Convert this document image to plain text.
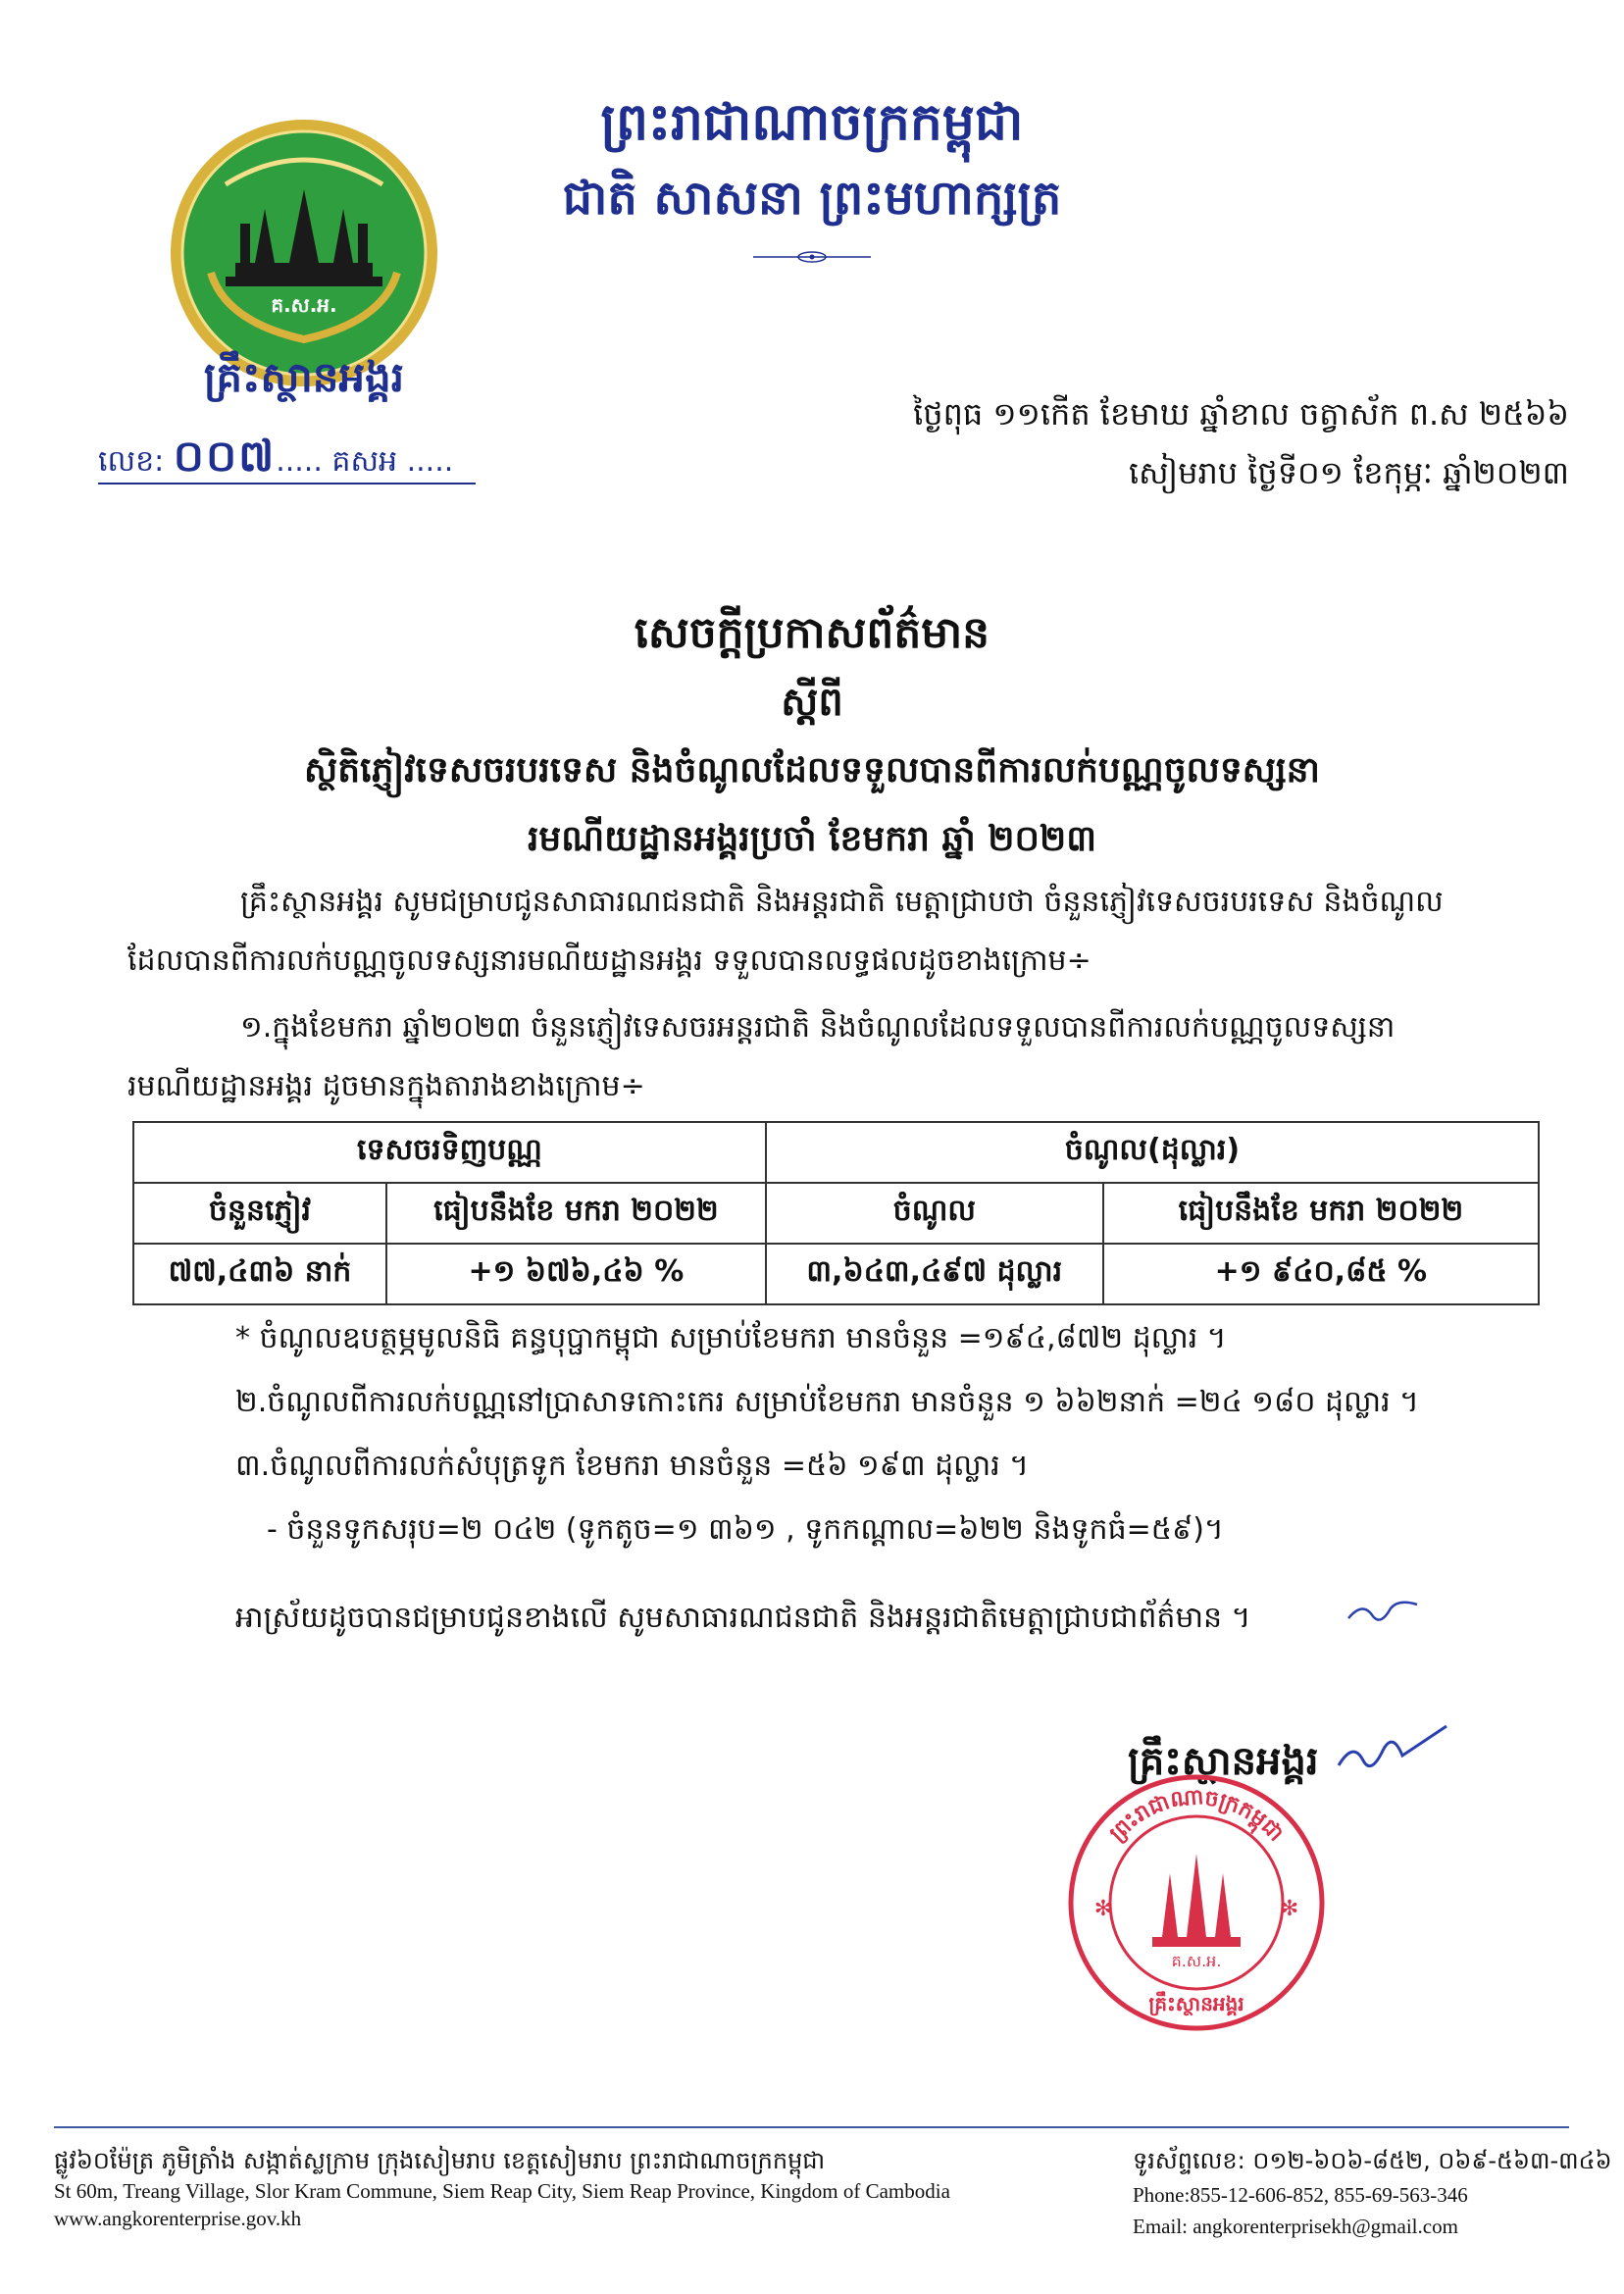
ព្រះរាជាណាចក្រកម្ពុជា
ជាតិ សាសនា ព្រះមហាក្សត្រ
គ.ស.អ.
គ្រឹះស្ថានអង្គរ
លេខ: ០០៧..... គសអ .....
ថ្ងៃពុធ ១១កើត ខែមាឃ ឆ្នាំខាល ចត្វាស័ក ព.ស ២៥៦៦
សៀមរាប ថ្ងៃទី០១ ខែកុម្ភៈ ឆ្នាំ២០២៣
សេចក្តីប្រកាសព័ត៌មាន
ស្តីពី
ស្ថិតិភ្ញៀវទេសចរបរទេស និងចំណូលដែលទទួលបានពីការលក់បណ្ណចូលទស្សនា
រមណីយដ្ឋានអង្គរប្រចាំ ខែមករា ឆ្នាំ ២០២៣
គ្រឹះស្ថានអង្គរ សូមជម្រាបជូនសាធារណជនជាតិ និងអន្តរជាតិ មេត្តាជ្រាបថា ចំនួនភ្ញៀវទេសចរបរទេស និងចំណូល
ដែលបានពីការលក់បណ្ណចូលទស្សនារមណីយដ្ឋានអង្គរ ទទួលបានលទ្ធផលដូចខាងក្រោម÷
១.ក្នុងខែមករា ឆ្នាំ២០២៣ ចំនួនភ្ញៀវទេសចរអន្តរជាតិ និងចំណូលដែលទទួលបានពីការលក់បណ្ណចូលទស្សនា
រមណីយដ្ឋានអង្គរ ដូចមានក្នុងតារាងខាងក្រោម÷
ទេសចរទិញបណ្ណ		ចំណូល(ដុល្លារ)	
ចំនួនភ្ញៀវ	ធៀបនឹងខែ មករា ២០២២	ចំណូល	ធៀបនឹងខែ មករា ២០២២
៧៧,៤៣៦ នាក់	+១ ៦៧៦,៤៦ %	៣,៦៤៣,៤៩៧ ដុល្លារ	+១ ៩៤០,៨៥ %
* ចំណូលឧបត្ថម្ភមូលនិធិ គន្ធបុប្ផាកម្ពុជា សម្រាប់ខែមករា មានចំនួន =១៩៤,៨៧២ ដុល្លារ ។
២.ចំណូលពីការលក់បណ្ណនៅប្រាសាទកោះកេរ សម្រាប់ខែមករា មានចំនួន ១ ៦៦២នាក់ =២៤ ១៨០ ដុល្លារ ។
៣.ចំណូលពីការលក់សំបុត្រទូក ខែមករា មានចំនួន =៥៦ ១៩៣ ដុល្លារ ។
- ចំនួនទូកសរុប=២ ០៤២ (ទូកតូច=១ ៣៦១ , ទូកកណ្តាល=៦២២ និងទូកធំ=៥៩)។
អាស្រ័យដូចបានជម្រាបជូនខាងលើ សូមសាធារណជនជាតិ និងអន្តរជាតិមេត្តាជ្រាបជាព័ត៌មាន ។
គ្រឹះស្ថានអង្គរ
ព្រះរាជាណាចក្រកម្ពុជា
គ.ស.អ.
គ្រឹះស្ថានអង្គរ
✻	✻
ផ្លូវ៦០ម៉ែត្រ ភូមិត្រាំង សង្កាត់ស្លក្រាម ក្រុងសៀមរាប ខេត្តសៀមរាប ព្រះរាជាណាចក្រកម្ពុជា
St 60m, Treang Village, Slor Kram Commune, Siem Reap City, Siem Reap Province, Kingdom of Cambodia
www.angkorenterprise.gov.kh
ទូរស័ព្ទលេខ: ០១២-៦០៦-៨៥២, ០៦៩-៥៦៣-៣៤៦
Phone:855-12-606-852, 855-69-563-346
Email: angkorenterprisekh@gmail.com
